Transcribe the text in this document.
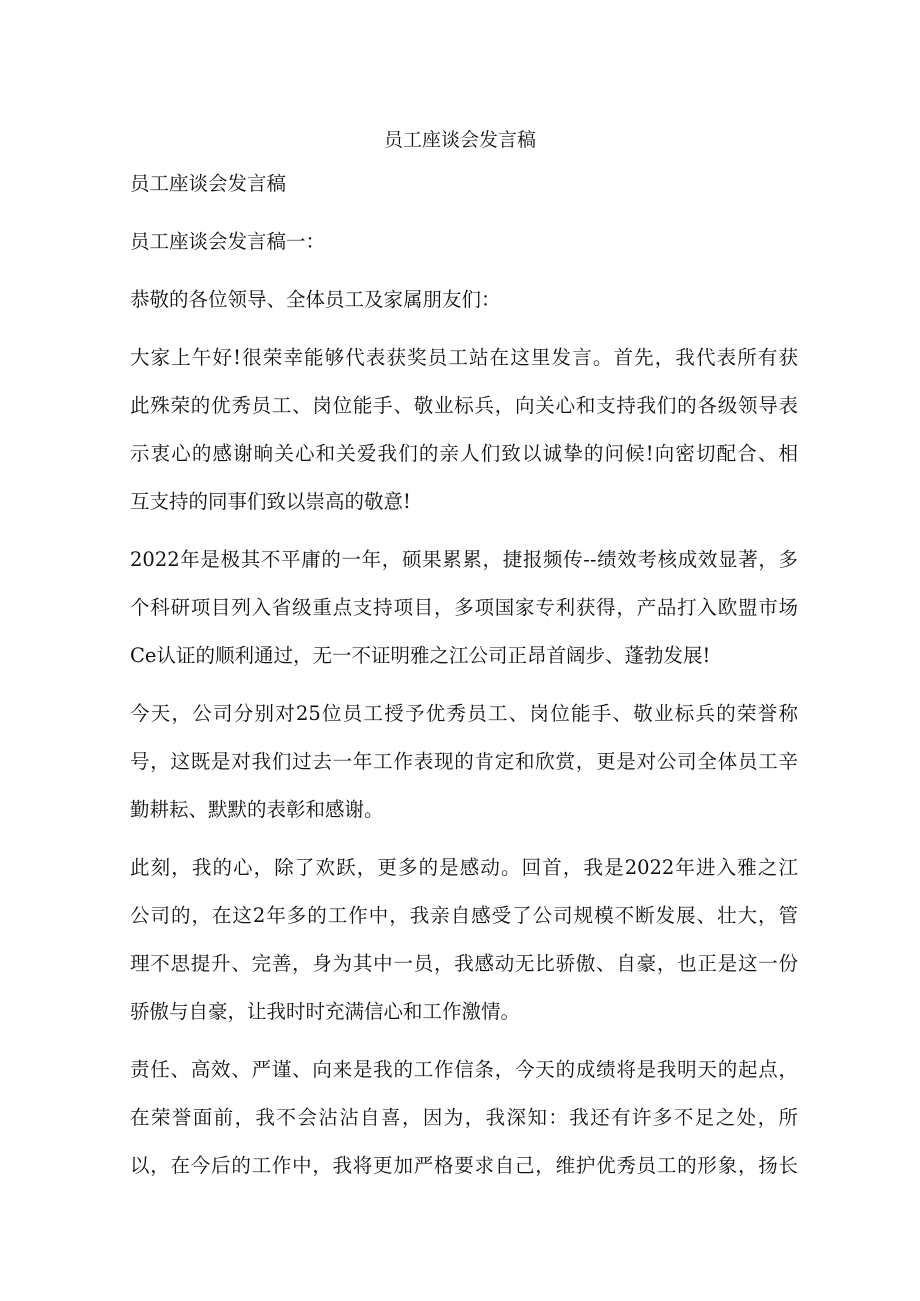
员工座谈会发言稿
员工座谈会发言稿
员工座谈会发言稿一：
恭敬的各位领导、全体员工及家属朋友们：
大家上午好!很荣幸能够代表获奖员工站在这里发言。首先，我代表所有获
此殊荣的优秀员工、岗位能手、敬业标兵，向关心和支持我们的各级领导表
示衷心的感谢晌关心和关爱我们的亲人们致以诚挚的问候!向密切配合、相
互支持的同事们致以崇高的敬意!
2022年是极其不平庸的一年，硕果累累，捷报频传--绩效考核成效显著，多
个科研项目列入省级重点支持项目，多项国家专利获得，产品打入欧盟市场
Ce认证的顺利通过，无一不证明雅之江公司正昂首阔步、蓬勃发展!
今天，公司分别对25位员工授予优秀员工、岗位能手、敬业标兵的荣誉称
号，这既是对我们过去一年工作表现的肯定和欣赏，更是对公司全体员工辛
勤耕耘、默默的表彰和感谢。
此刻，我的心，除了欢跃，更多的是感动。回首，我是2022年进入雅之江
公司的，在这2年多的工作中，我亲自感受了公司规模不断发展、壮大，管
理不思提升、完善，身为其中一员，我感动无比骄傲、自豪，也正是这一份
骄傲与自豪，让我时时充满信心和工作激情。
责任、高效、严谨、向来是我的工作信条，今天的成绩将是我明天的起点，
在荣誉面前，我不会沾沾自喜，因为，我深知：我还有许多不足之处，所
以，在今后的工作中，我将更加严格要求自己，维护优秀员工的形象，扬长
